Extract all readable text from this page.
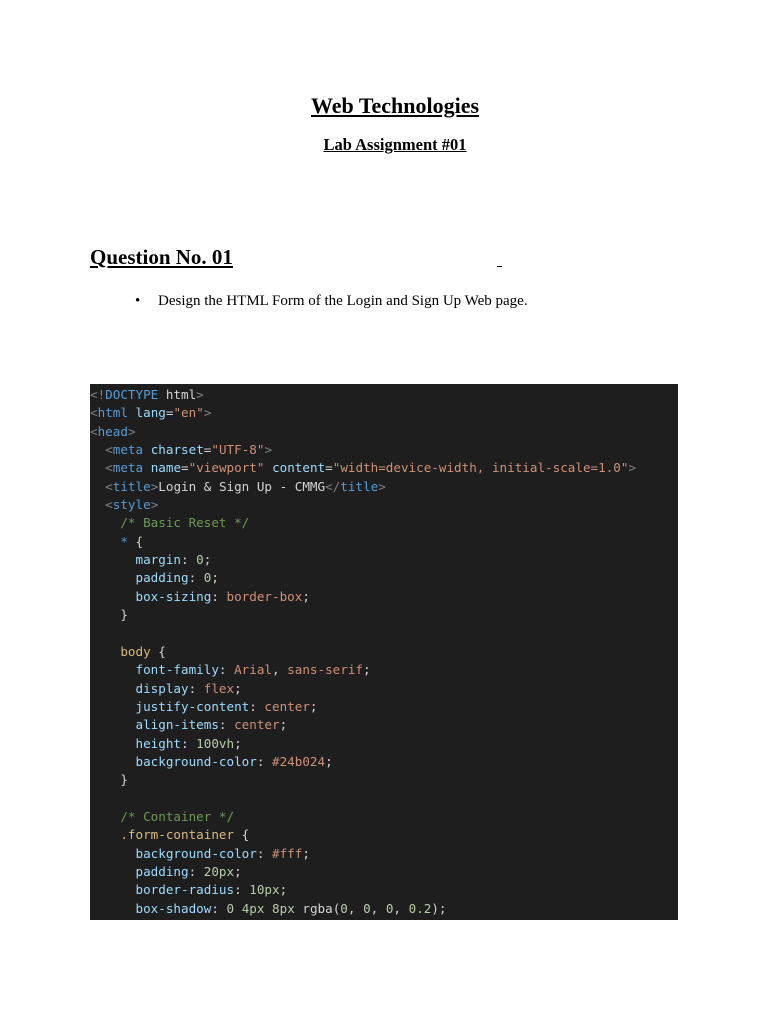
Web Technologies
Lab Assignment #01
Question No. 01
• Design the HTML Form of the Login and Sign Up Web page.
<!DOCTYPE html>
<html lang="en">
<head>
<meta charset="UTF-8">
<meta name="viewport" content="width=device-width, initial-scale=1.0">
<title>Login & Sign Up - CMMG</title>
<style>
/* Basic Reset */
* {
margin: 0;
padding: 0;
box-sizing: border-box;
}
body {
font-family: Arial, sans-serif;
display: flex;
justify-content: center;
align-items: center;
height: 100vh;
background-color: #24b024;
}
/* Container */
.form-container {
background-color: #fff;
padding: 20px;
border-radius: 10px;
box-shadow: 0 4px 8px rgba(0, 0, 0, 0.2);
